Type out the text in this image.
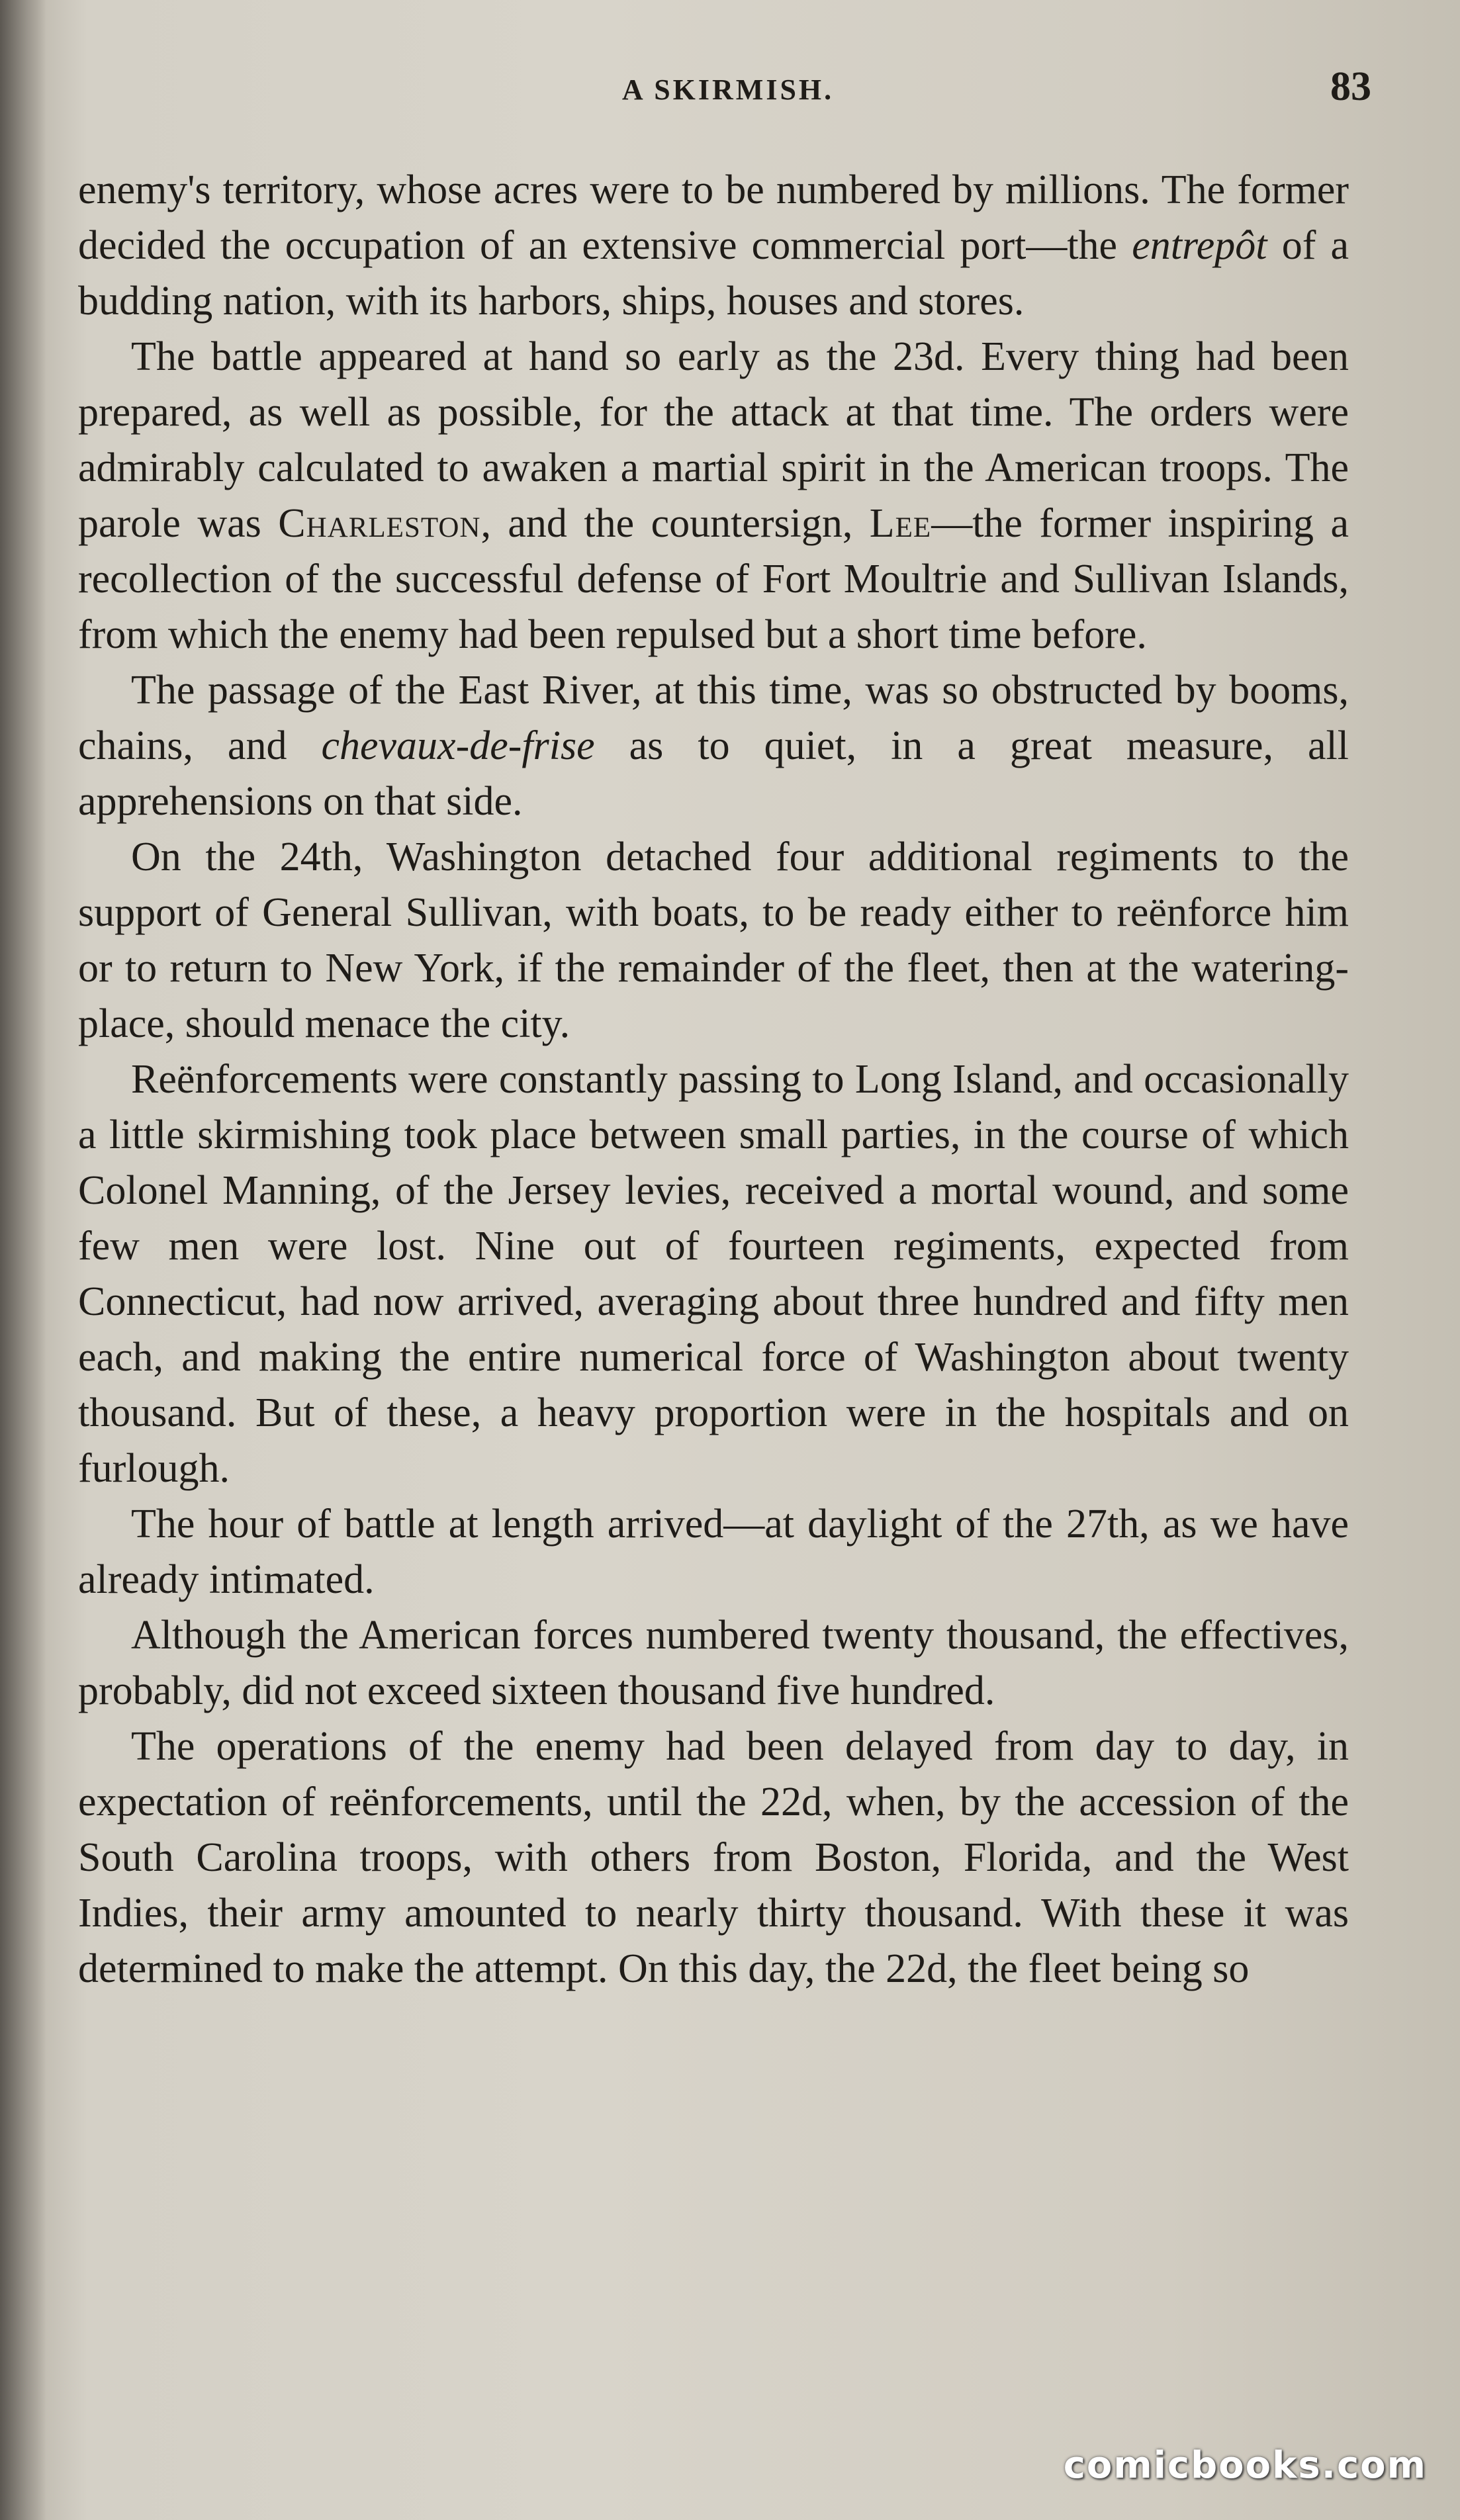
A SKIRMISH.	83

enemy's territory, whose acres were to be numbered by millions. The former decided the occupation of an extensive commercial port—the entrepôt of a budding nation, with its harbors, ships, houses and stores.

The battle appeared at hand so early as the 23d. Every thing had been prepared, as well as possible, for the attack at that time. The orders were admirably calculated to awaken a martial spirit in the American troops. The parole was Charleston, and the countersign, Lee—the former inspiring a recollection of the successful defense of Fort Moultrie and Sullivan Islands, from which the enemy had been repulsed but a short time before.

The passage of the East River, at this time, was so obstructed by booms, chains, and chevaux-de-frise as to quiet, in a great measure, all apprehensions on that side.

On the 24th, Washington detached four additional regiments to the support of General Sullivan, with boats, to be ready either to reënforce him or to return to New York, if the remainder of the fleet, then at the watering-place, should menace the city.

Reënforcements were constantly passing to Long Island, and occasionally a little skirmishing took place between small parties, in the course of which Colonel Manning, of the Jersey levies, received a mortal wound, and some few men were lost. Nine out of fourteen regiments, expected from Connecticut, had now arrived, averaging about three hundred and fifty men each, and making the entire numerical force of Washington about twenty thousand. But of these, a heavy proportion were in the hospitals and on furlough.

The hour of battle at length arrived—at daylight of the 27th, as we have already intimated.

Although the American forces numbered twenty thousand, the effectives, probably, did not exceed sixteen thousand five hundred.

The operations of the enemy had been delayed from day to day, in expectation of reënforcements, until the 22d, when, by the accession of the South Carolina troops, with others from Boston, Florida, and the West Indies, their army amounted to nearly thirty thousand. With these it was determined to make the attempt. On this day, the 22d, the fleet being so

comicbooks.com
